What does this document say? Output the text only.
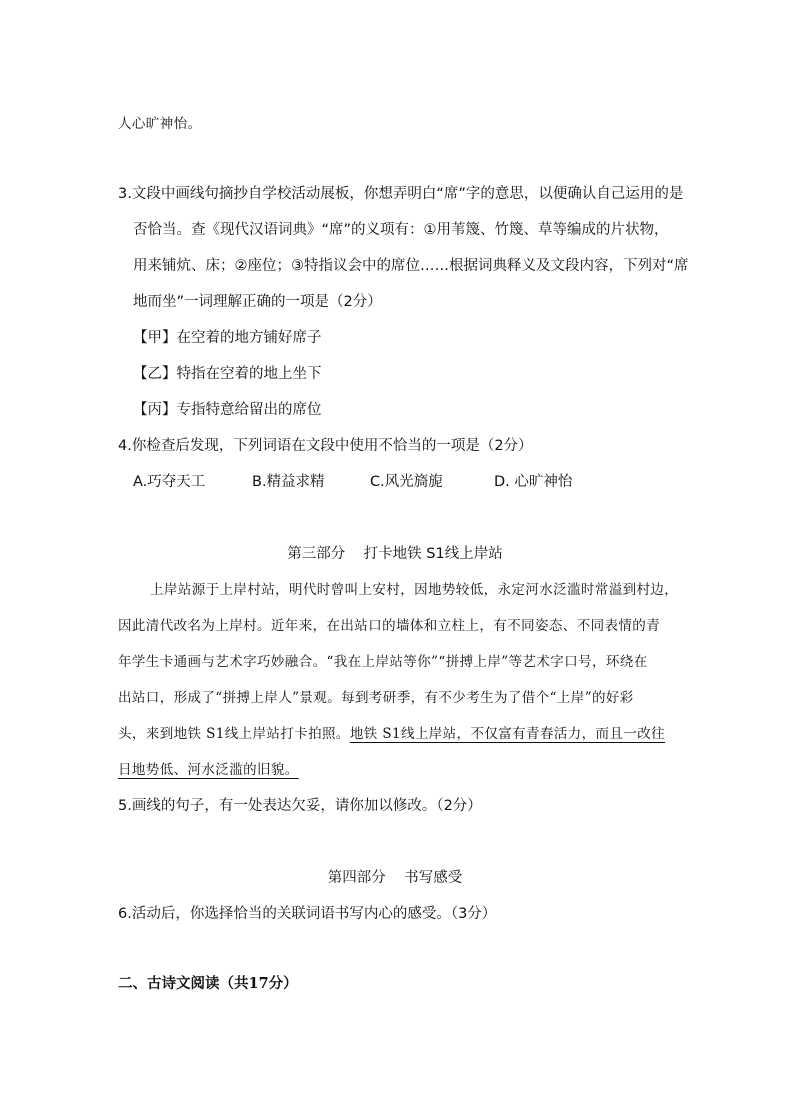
人心旷神怡。
3.文段中画线句摘抄自学校活动展板，你想弄明白“席”字的意思，以便确认自己运用的是
否恰当。查《现代汉语词典》“席”的义项有：①用苇篾、竹篾、草等编成的片状物，
用来铺炕、床；②座位；③特指议会中的席位……根据词典释义及文段内容，下列对“席
地而坐”一词理解正确的一项是（2分）
【甲】在空着的地方铺好席子
【乙】特指在空着的地上坐下
【丙】专指特意给留出的席位
4.你检查后发现，下列词语在文段中使用不恰当的一项是（2分）
A.巧夺天工	B.精益求精	C.风光旖旎	D. 心旷神怡
第三部分    打卡地铁 S1线上岸站
上岸站源于上岸村站，明代时曾叫上安村，因地势较低，永定河水泛滥时常溢到村边，
因此清代改名为上岸村。近年来，在出站口的墙体和立柱上，有不同姿态、不同表情的青
年学生卡通画与艺术字巧妙融合。“我在上岸站等你”“拼搏上岸”等艺术字口号，环绕在
出站口，形成了“拼搏上岸人”景观。每到考研季，有不少考生为了借个“上岸”的好彩
头，来到地铁 S1线上岸站打卡拍照。地铁 S1线上岸站，不仅富有青春活力，而且一改往
日地势低、河水泛滥的旧貌。
5.画线的句子，有一处表达欠妥，请你加以修改。（2分）
第四部分    书写感受
6.活动后，你选择恰当的关联词语书写内心的感受。（3分）
二、古诗文阅读（共17分）
